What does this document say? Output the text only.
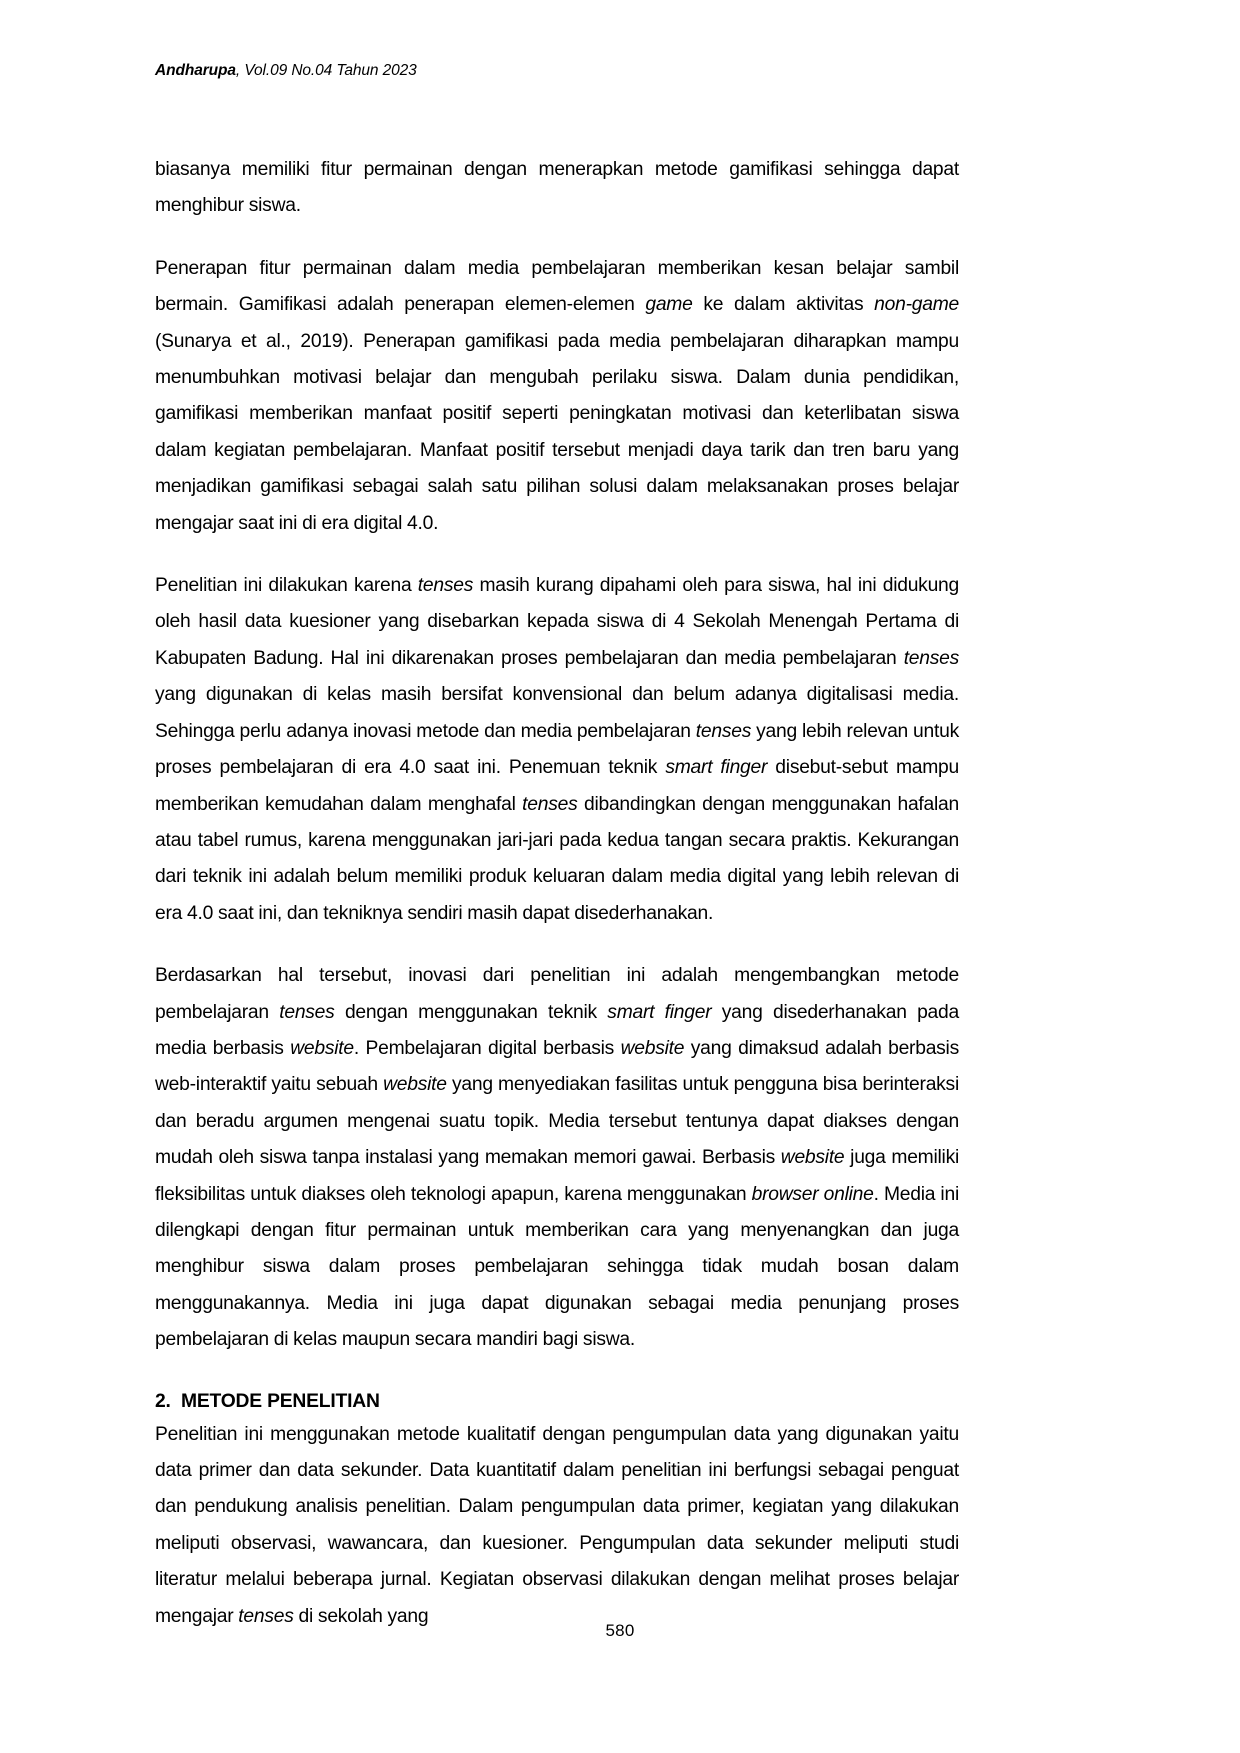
Andharupa, Vol.09 No.04 Tahun 2023

biasanya memiliki fitur permainan dengan menerapkan metode gamifikasi sehingga dapat menghibur siswa.

Penerapan fitur permainan dalam media pembelajaran memberikan kesan belajar sambil bermain. Gamifikasi adalah penerapan elemen-elemen game ke dalam aktivitas non-game (Sunarya et al., 2019). Penerapan gamifikasi pada media pembelajaran diharapkan mampu menumbuhkan motivasi belajar dan mengubah perilaku siswa. Dalam dunia pendidikan, gamifikasi memberikan manfaat positif seperti peningkatan motivasi dan keterlibatan siswa dalam kegiatan pembelajaran. Manfaat positif tersebut menjadi daya tarik dan tren baru yang menjadikan gamifikasi sebagai salah satu pilihan solusi dalam melaksanakan proses belajar mengajar saat ini di era digital 4.0.

Penelitian ini dilakukan karena tenses masih kurang dipahami oleh para siswa, hal ini didukung oleh hasil data kuesioner yang disebarkan kepada siswa di 4 Sekolah Menengah Pertama di Kabupaten Badung. Hal ini dikarenakan proses pembelajaran dan media pembelajaran tenses yang digunakan di kelas masih bersifat konvensional dan belum adanya digitalisasi media. Sehingga perlu adanya inovasi metode dan media pembelajaran tenses yang lebih relevan untuk proses pembelajaran di era 4.0 saat ini. Penemuan teknik smart finger disebut-sebut mampu memberikan kemudahan dalam menghafal tenses dibandingkan dengan menggunakan hafalan atau tabel rumus, karena menggunakan jari-jari pada kedua tangan secara praktis. Kekurangan dari teknik ini adalah belum memiliki produk keluaran dalam media digital yang lebih relevan di era 4.0 saat ini, dan tekniknya sendiri masih dapat disederhanakan.

Berdasarkan hal tersebut, inovasi dari penelitian ini adalah mengembangkan metode pembelajaran tenses dengan menggunakan teknik smart finger yang disederhanakan pada media berbasis website. Pembelajaran digital berbasis website yang dimaksud adalah berbasis web-interaktif yaitu sebuah website yang menyediakan fasilitas untuk pengguna bisa berinteraksi dan beradu argumen mengenai suatu topik. Media tersebut tentunya dapat diakses dengan mudah oleh siswa tanpa instalasi yang memakan memori gawai. Berbasis website juga memiliki fleksibilitas untuk diakses oleh teknologi apapun, karena menggunakan browser online. Media ini dilengkapi dengan fitur permainan untuk memberikan cara yang menyenangkan dan juga menghibur siswa dalam proses pembelajaran sehingga tidak mudah bosan dalam menggunakannya. Media ini juga dapat digunakan sebagai media penunjang proses pembelajaran di kelas maupun secara mandiri bagi siswa.

2.  METODE PENELITIAN

Penelitian ini menggunakan metode kualitatif dengan pengumpulan data yang digunakan yaitu data primer dan data sekunder. Data kuantitatif dalam penelitian ini berfungsi sebagai penguat dan pendukung analisis penelitian. Dalam pengumpulan data primer, kegiatan yang dilakukan meliputi observasi, wawancara, dan kuesioner. Pengumpulan data sekunder meliputi studi literatur melalui beberapa jurnal. Kegiatan observasi dilakukan dengan melihat proses belajar mengajar tenses di sekolah yang

580
